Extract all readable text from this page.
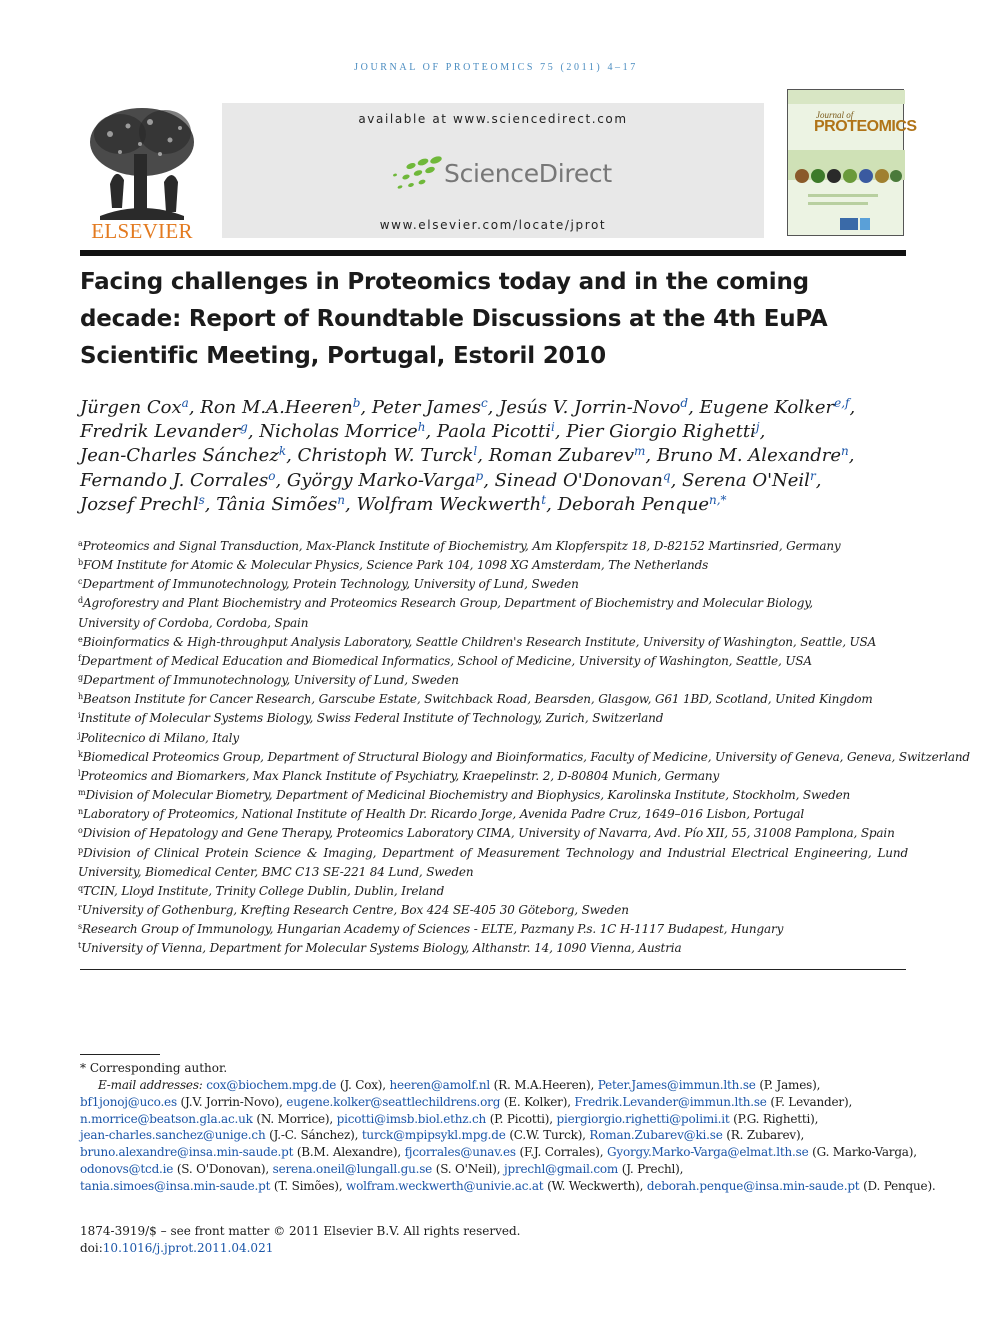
JOURNAL OF PROTEOMICS 75 (2011) 4–17
ELSEVIER
available at www.sciencedirect.com
ScienceDirect
www.elsevier.com/locate/jprot
Journal of
PROTEOMICS
Facing challenges in Proteomics today and in the coming decade: Report of Roundtable Discussions at the 4th EuPA Scientific Meeting, Portugal, Estoril 2010
Jürgen Cox$^a$, Ron M.A.Heeren$^b$, Peter James$^c$, Jesús V. Jorrin-Novo$^d$, Eugene Kolker$^{e,f}$,
Fredrik Levander$^g$, Nicholas Morrice$^h$, Paola Picotti$^i$, Pier Giorgio Righetti$^j$,
Jean-Charles Sánchez$^k$, Christoph W. Turck$^l$, Roman Zubarev$^m$, Bruno M. Alexandre$^n$,
Fernando J. Corrales$^o$, György Marko-Varga$^p$, Sinead O'Donovan$^q$, Serena O'Neil$^r$,
Jozsef Prechl$^s$, Tânia Simões$^n$, Wolfram Weckwerth$^t$, Deborah Penque$^{n,*}$
$^a$Proteomics and Signal Transduction, Max-Planck Institute of Biochemistry, Am Klopferspitz 18, D-82152 Martinsried, Germany
$^b$FOM Institute for Atomic & Molecular Physics, Science Park 104, 1098 XG Amsterdam, The Netherlands
$^c$Department of Immunotechnology, Protein Technology, University of Lund, Sweden
$^d$Agroforestry and Plant Biochemistry and Proteomics Research Group, Department of Biochemistry and Molecular Biology,
University of Cordoba, Cordoba, Spain
$^e$Bioinformatics & High-throughput Analysis Laboratory, Seattle Children's Research Institute, University of Washington, Seattle, USA
$^f$Department of Medical Education and Biomedical Informatics, School of Medicine, University of Washington, Seattle, USA
$^g$Department of Immunotechnology, University of Lund, Sweden
$^h$Beatson Institute for Cancer Research, Garscube Estate, Switchback Road, Bearsden, Glasgow, G61 1BD, Scotland, United Kingdom
$^i$Institute of Molecular Systems Biology, Swiss Federal Institute of Technology, Zurich, Switzerland
$^j$Politecnico di Milano, Italy
$^k$Biomedical Proteomics Group, Department of Structural Biology and Bioinformatics, Faculty of Medicine, University of Geneva, Geneva, Switzerland
$^l$Proteomics and Biomarkers, Max Planck Institute of Psychiatry, Kraepelinstr. 2, D-80804 Munich, Germany
$^m$Division of Molecular Biometry, Department of Medicinal Biochemistry and Biophysics, Karolinska Institute, Stockholm, Sweden
$^n$Laboratory of Proteomics, National Institute of Health Dr. Ricardo Jorge, Avenida Padre Cruz, 1649–016 Lisbon, Portugal
$^o$Division of Hepatology and Gene Therapy, Proteomics Laboratory CIMA, University of Navarra, Avd. Pío XII, 55, 31008 Pamplona, Spain
$^p$Division of Clinical Protein Science & Imaging, Department of Measurement Technology and Industrial Electrical Engineering, Lund University, Biomedical Center, BMC C13 SE-221 84 Lund, Sweden
$^q$TCIN, Lloyd Institute, Trinity College Dublin, Dublin, Ireland
$^r$University of Gothenburg, Krefting Research Centre, Box 424 SE-405 30 Göteborg, Sweden
$^s$Research Group of Immunology, Hungarian Academy of Sciences - ELTE, Pazmany P.s. 1C H-1117 Budapest, Hungary
$^t$University of Vienna, Department for Molecular Systems Biology, Althanstr. 14, 1090 Vienna, Austria
* Corresponding author.
E-mail addresses: cox@biochem.mpg.de (J. Cox), heeren@amolf.nl (R. M.A.Heeren), Peter.James@immun.lth.se (P. James),
bf1jonoj@uco.es (J.V. Jorrin-Novo), eugene.kolker@seattlechildrens.org (E. Kolker), Fredrik.Levander@immun.lth.se (F. Levander),
n.morrice@beatson.gla.ac.uk (N. Morrice), picotti@imsb.biol.ethz.ch (P. Picotti), piergiorgio.righetti@polimi.it (P.G. Righetti),
jean-charles.sanchez@unige.ch (J.-C. Sánchez), turck@mpipsykl.mpg.de (C.W. Turck), Roman.Zubarev@ki.se (R. Zubarev),
bruno.alexandre@insa.min-saude.pt (B.M. Alexandre), fjcorrales@unav.es (F.J. Corrales), Gyorgy.Marko-Varga@elmat.lth.se (G. Marko-Varga),
odonovs@tcd.ie (S. O'Donovan), serena.oneil@lungall.gu.se (S. O'Neil), jprechl@gmail.com (J. Prechl),
tania.simoes@insa.min-saude.pt (T. Simões), wolfram.weckwerth@univie.ac.at (W. Weckwerth), deborah.penque@insa.min-saude.pt (D. Penque).
1874-3919/$ – see front matter © 2011 Elsevier B.V. All rights reserved.
doi:10.1016/j.jprot.2011.04.021
